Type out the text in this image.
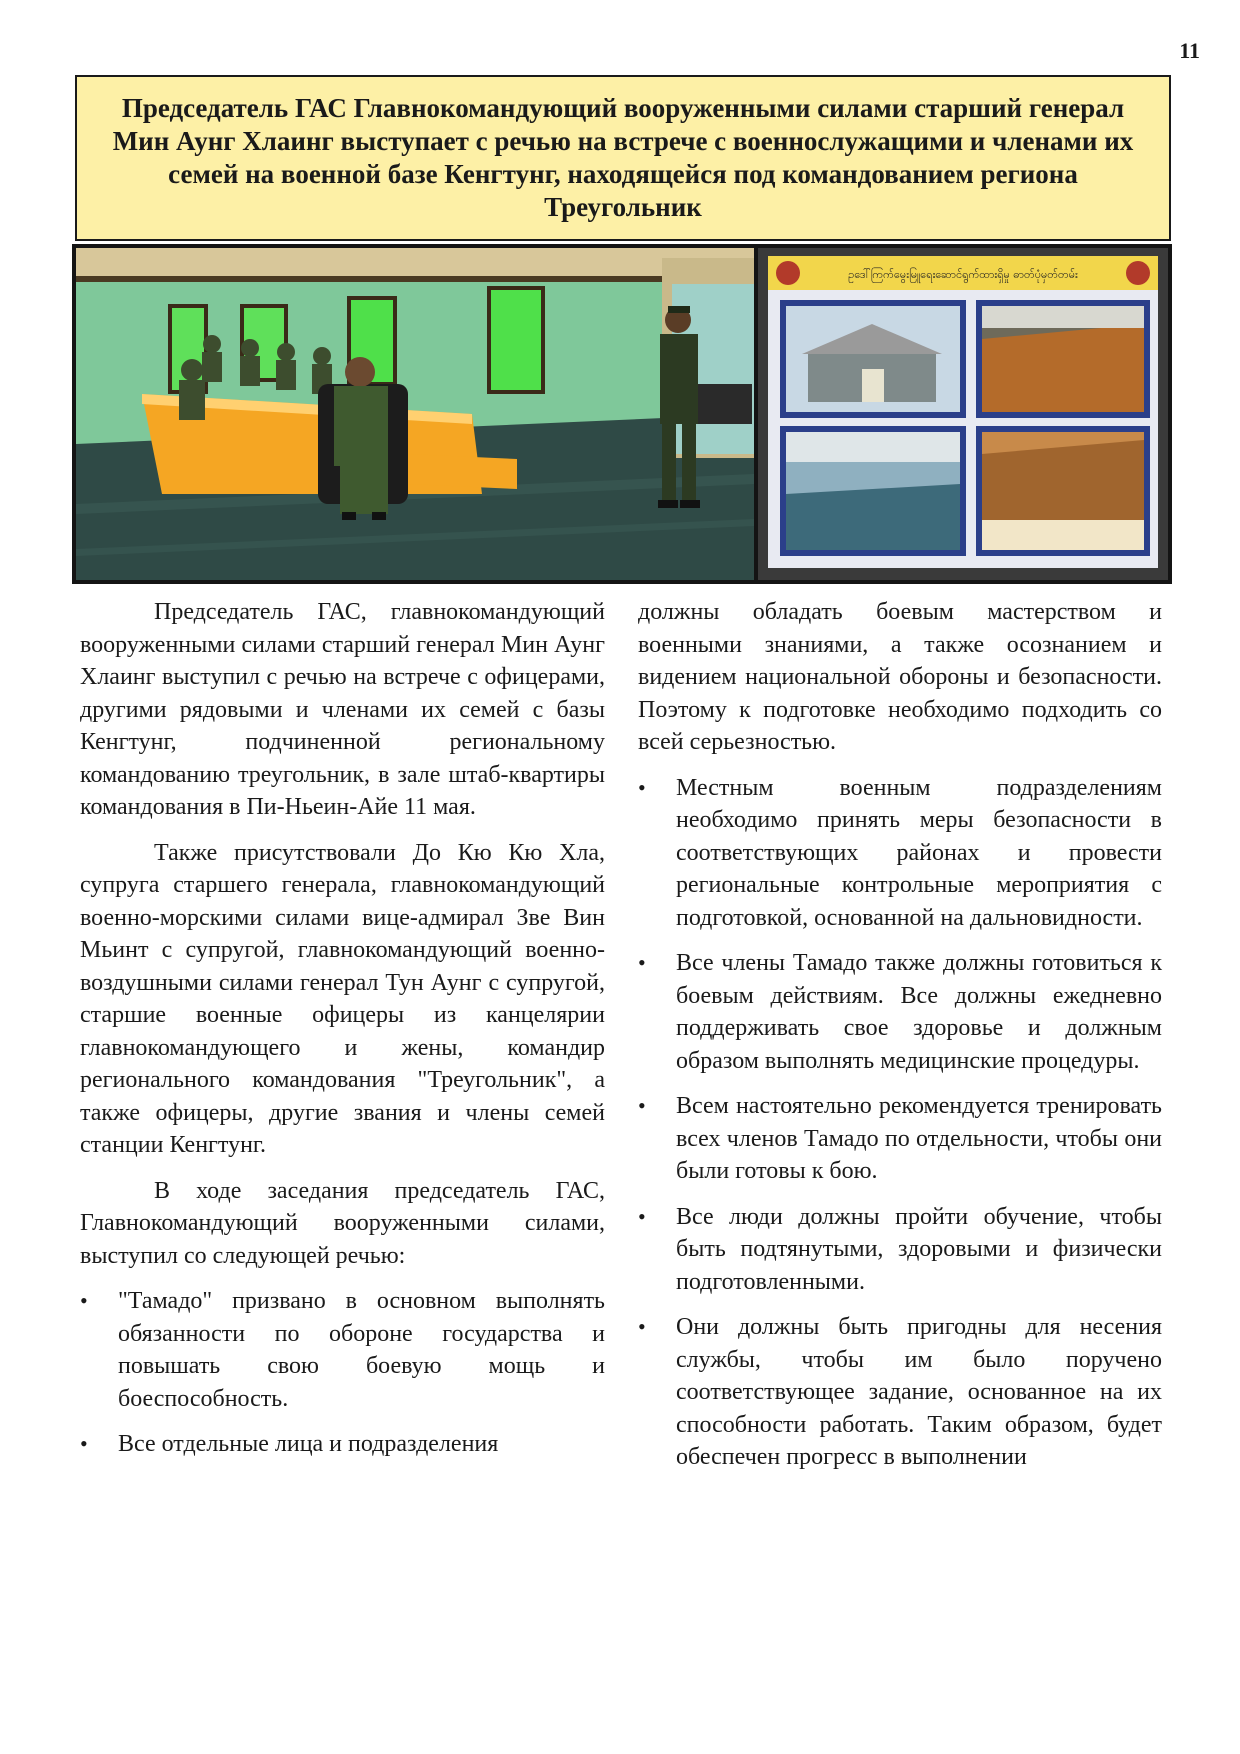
11
Председатель ГАС Главнокомандующий вооруженными силами старший генерал Мин Аунг Хлаинг выступает с речью на встрече с военнослужащими и членами их семей на военной базе Кенгтунг, находящейся под командованием региона Треугольник
ဥဒေါ်ကြက်မွေးမြူရေးဆောင်ရွက်ထားရှိမှု ဓာတ်ပုံမှတ်တမ်း

Председатель ГАС, главнокомандующий вооруженными силами старший генерал Мин Аунг Хлаинг выступил с речью на встрече с офицерами, другими рядовыми и членами их семей с базы Кенгтунг, подчиненной региональному командованию треугольник, в зале штаб-квартиры командования в Пи-Ньеин-Айе 11 мая.

Также присутствовали До Кю Кю Хла, супруга старшего генерала, главнокомандующий военно-морскими силами вице-адмирал Зве Вин Мьинт с супругой, главнокомандующий военно-воздушными силами генерал Тун Аунг с супругой, старшие военные офицеры из канцелярии главнокомандующего и жены, командир регионального командования "Треугольник", а также офицеры, другие звания и члены семей станции Кенгтунг.

В ходе заседания председатель ГАС, Главнокомандующий вооруженными силами, выступил со следующей речью:

• "Тамадо" призвано в основном выполнять обязанности по обороне государства и повышать свою боевую мощь и боеспособность.
• Все отдельные лица и подразделения

должны обладать боевым мастерством и военными знаниями, а также осознанием и видением национальной обороны и безопасности. Поэтому к подготовке необходимо подходить со всей серьезностью.

• Местным военным подразделениям необходимо принять меры безопасности в соответствующих районах и провести региональные контрольные мероприятия с подготовкой, основанной на дальновидности.
• Все члены Тамадо также должны готовиться к боевым действиям. Все должны ежедневно поддерживать свое здоровье и должным образом выполнять медицинские процедуры.
• Всем настоятельно рекомендуется тренировать всех членов Тамадо по отдельности, чтобы они были готовы к бою.
• Все люди должны пройти обучение, чтобы быть подтянутыми, здоровыми и физически подготовленными.
• Они должны быть пригодны для несения службы, чтобы им было поручено соответствующее задание, основанное на их способности работать. Таким образом, будет обеспечен прогресс в выполнении
